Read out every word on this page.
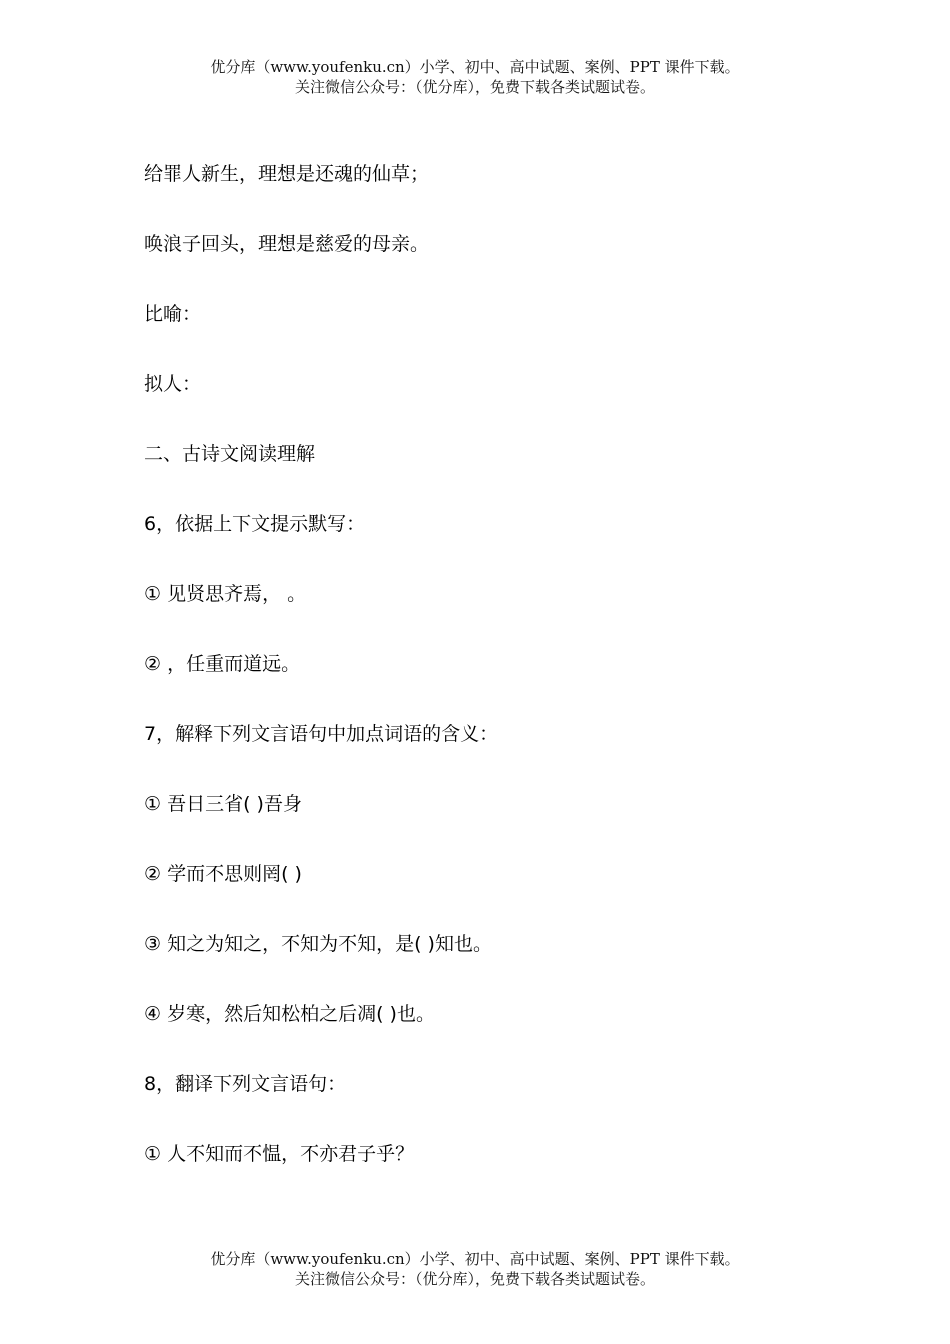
优分库（www.youfenku.cn）小学、初中、高中试题、案例、PPT 课件下载。
关注微信公众号：（优分库），免费下载各类试题试卷。
给罪人新生，理想是还魂的仙草；
唤浪子回头，理想是慈爱的母亲。
比喻：
拟人：
二、古诗文阅读理解
6，依据上下文提示默写：
① 见贤思齐焉， 。
② ，任重而道远。
7，解释下列文言语句中加点词语的含义：
① 吾日三省( )吾身
② 学而不思则罔( )
③ 知之为知之，不知为不知，是( )知也。
④ 岁寒，然后知松柏之后凋( )也。
8，翻译下列文言语句：
① 人不知而不愠，不亦君子乎？
优分库（www.youfenku.cn）小学、初中、高中试题、案例、PPT 课件下载。
关注微信公众号：（优分库），免费下载各类试题试卷。
